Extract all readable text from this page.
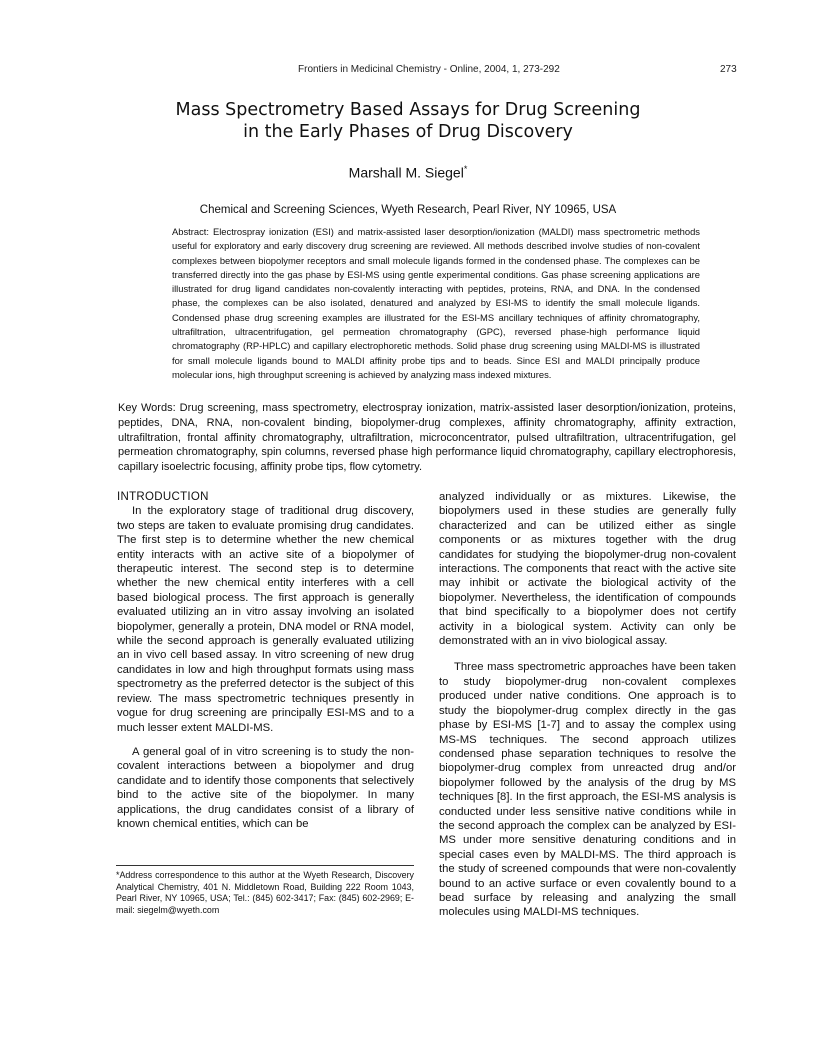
Frontiers in Medicinal Chemistry - Online, 2004, 1, 273-292	273
Mass Spectrometry Based Assays for Drug Screening
in the Early Phases of Drug Discovery
Marshall M. Siegel*
Chemical and Screening Sciences, Wyeth Research, Pearl River, NY 10965, USA
Abstract: Electrospray ionization (ESI) and matrix-assisted laser desorption/ionization (MALDI) mass spectrometric methods useful for exploratory and early discovery drug screening are reviewed. All methods described involve studies of non-covalent complexes between biopolymer receptors and small molecule ligands formed in the condensed phase. The complexes can be transferred directly into the gas phase by ESI-MS using gentle experimental conditions. Gas phase screening applications are illustrated for drug ligand candidates non-covalently interacting with peptides, proteins, RNA, and DNA. In the condensed phase, the complexes can be also isolated, denatured and analyzed by ESI-MS to identify the small molecule ligands. Condensed phase drug screening examples are illustrated for the ESI-MS ancillary techniques of affinity chromatography, ultrafiltration, ultracentrifugation, gel permeation chromatography (GPC), reversed phase-high performance liquid chromatography (RP-HPLC) and capillary electrophoretic methods. Solid phase drug screening using MALDI-MS is illustrated for small molecule ligands bound to MALDI affinity probe tips and to beads. Since ESI and MALDI principally produce molecular ions, high throughput screening is achieved by analyzing mass indexed mixtures.
Key Words: Drug screening, mass spectrometry, electrospray ionization, matrix-assisted laser desorption/ionization, proteins, peptides, DNA, RNA, non-covalent binding, biopolymer-drug complexes, affinity chromatography, affinity extraction, ultrafiltration, frontal affinity chromatography, ultrafiltration, microconcentrator, pulsed ultrafiltration, ultracentrifugation, gel permeation chromatography, spin columns, reversed phase high performance liquid chromatography, capillary electrophoresis, capillary isoelectric focusing, affinity probe tips, flow cytometry.

INTRODUCTION

In the exploratory stage of traditional drug discovery, two steps are taken to evaluate promising drug candidates. The first step is to determine whether the new chemical entity interacts with an active site of a biopolymer of therapeutic interest. The second step is to determine whether the new chemical entity interferes with a cell based biological process. The first approach is generally evaluated utilizing an in vitro assay involving an isolated biopolymer, generally a protein, DNA model or RNA model, while the second approach is generally evaluated utilizing an in vivo cell based assay. In vitro screening of new drug candidates in low and high throughput formats using mass spectrometry as the preferred detector is the subject of this review. The mass spectrometric techniques presently in vogue for drug screening are principally ESI-MS and to a much lesser extent MALDI-MS.

A general goal of in vitro screening is to study the non-covalent interactions between a biopolymer and drug candidate and to identify those components that selectively bind to the active site of the biopolymer. In many applications, the drug candidates consist of a library of known chemical entities, which can be

analyzed individually or as mixtures. Likewise, the biopolymers used in these studies are generally fully characterized and can be utilized either as single components or as mixtures together with the drug candidates for studying the biopolymer-drug non-covalent interactions. The components that react with the active site may inhibit or activate the biological activity of the biopolymer. Nevertheless, the identification of compounds that bind specifically to a biopolymer does not certify activity in a biological system. Activity can only be demonstrated with an in vivo biological assay.

Three mass spectrometric approaches have been taken to study biopolymer-drug non-covalent complexes produced under native conditions. One approach is to study the biopolymer-drug complex directly in the gas phase by ESI-MS [1-7] and to assay the complex using MS-MS techniques. The second approach utilizes condensed phase separation techniques to resolve the biopolymer-drug complex from unreacted drug and/or biopolymer followed by the analysis of the drug by MS techniques [8]. In the first approach, the ESI-MS analysis is conducted under less sensitive native conditions while in the second approach the complex can be analyzed by ESI-MS under more sensitive denaturing conditions and in special cases even by MALDI-MS. The third approach is the study of screened compounds that were non-covalently bound to an active surface or even covalently bound to a bead surface by releasing and analyzing the small molecules using MALDI-MS techniques.

*Address correspondence to this author at the Wyeth Research, Discovery Analytical Chemistry, 401 N. Middletown Road, Building 222 Room 1043, Pearl River, NY 10965, USA; Tel.: (845) 602-3417; Fax: (845) 602-2969; E-mail: siegelm@wyeth.com
